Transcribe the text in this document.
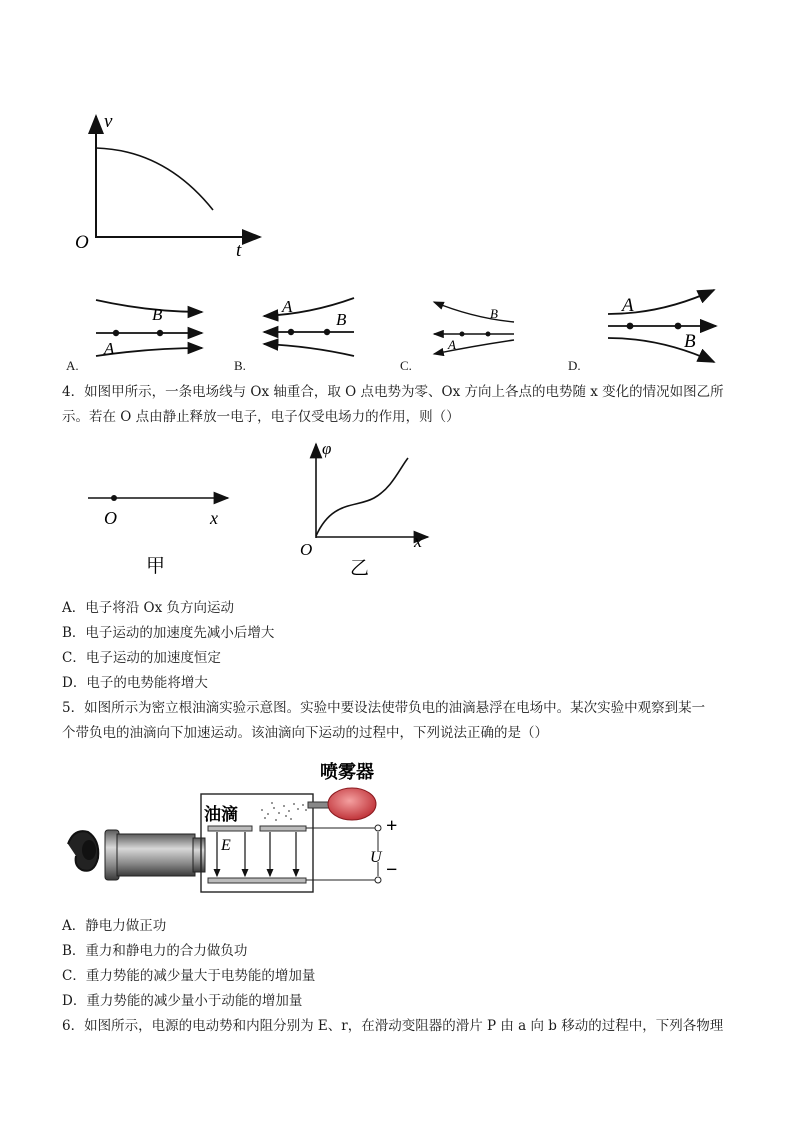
v
t
O
B
A
A.
A
B
B.
B
A
C.
A
B
D.
4．如图甲所示，一条电场线与 Ox 轴重合，取 O 点电势为零、Ox 方向上各点的电势随 x 变化的情况如图乙所
示。若在 O 点由静止释放一电子，电子仅受电场力的作用，则（）
O	x
甲
φ
x
O
乙
A．电子将沿 Ox 负方向运动
B．电子运动的加速度先减小后增大
C．电子运动的加速度恒定
D．电子的电势能将增大
5．如图所示为密立根油滴实验示意图。实验中要设法使带负电的油滴悬浮在电场中。某次实验中观察到某一
个带负电的油滴向下加速运动。该油滴向下运动的过程中，下列说法正确的是（）
喷雾器
油滴
E
U
+
−
A．静电力做正功
B．重力和静电力的合力做负功
C．重力势能的减少量大于电势能的增加量
D．重力势能的减少量小于动能的增加量
6．如图所示，电源的电动势和内阻分别为 E、r，在滑动变阻器的滑片 P 由 a 向 b 移动的过程中，下列各物理
